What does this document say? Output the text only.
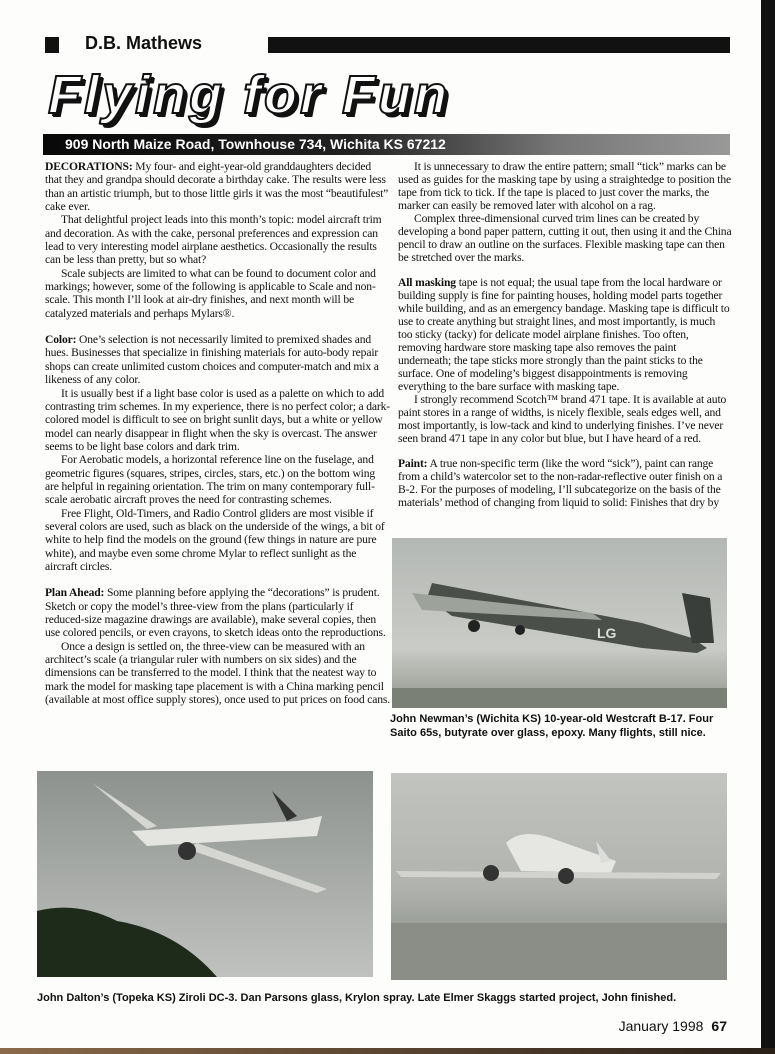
D.B. Mathews
Flying for Fun
909 North Maize Road, Townhouse 734, Wichita KS 67212

DECORATIONS: My four- and eight-year-old granddaughters decided that they and grandpa should decorate a birthday cake. The results were less than an artistic triumph, but to those little girls it was the most “beautifulest” cake ever.

That delightful project leads into this month’s topic: model aircraft trim and decoration. As with the cake, personal preferences and expression can lead to very interesting model airplane aesthetics. Occasionally the results can be less than pretty, but so what?

Scale subjects are limited to what can be found to document color and markings; however, some of the following is applicable to Scale and non-scale. This month I’ll look at air-dry finishes, and next month will be catalyzed materials and perhaps Mylars®.

Color: One’s selection is not necessarily limited to premixed shades and hues. Businesses that specialize in finishing materials for auto-body repair shops can create unlimited custom choices and computer-match and mix a likeness of any color.

It is usually best if a light base color is used as a palette on which to add contrasting trim schemes. In my experience, there is no perfect color; a dark-colored model is difficult to see on bright sunlit days, but a white or yellow model can nearly disappear in flight when the sky is overcast. The answer seems to be light base colors and dark trim.

For Aerobatic models, a horizontal reference line on the fuselage, and geometric figures (squares, stripes, circles, stars, etc.) on the bottom wing are helpful in regaining orientation. The trim on many contemporary full-scale aerobatic aircraft proves the need for contrasting schemes.

Free Flight, Old-Timers, and Radio Control gliders are most visible if several colors are used, such as black on the underside of the wings, a bit of white to help find the models on the ground (few things in nature are pure white), and maybe even some chrome Mylar to reflect sunlight as the aircraft circles.

Plan Ahead: Some planning before applying the “decorations” is prudent. Sketch or copy the model’s three-view from the plans (particularly if reduced-size magazine drawings are available), make several copies, then use colored pencils, or even crayons, to sketch ideas onto the reproductions.

Once a design is settled on, the three-view can be measured with an architect’s scale (a triangular ruler with numbers on six sides) and the dimensions can be transferred to the model. I think that the neatest way to mark the model for masking tape placement is with a China marking pencil (available at most office supply stores), once used to put prices on food cans.

It is unnecessary to draw the entire pattern; small “tick” marks can be used as guides for the masking tape by using a straightedge to position the tape from tick to tick. If the tape is placed to just cover the marks, the marker can easily be removed later with alcohol on a rag.

Complex three-dimensional curved trim lines can be created by developing a bond paper pattern, cutting it out, then using it and the China pencil to draw an outline on the surfaces. Flexible masking tape can then be stretched over the marks.

All masking tape is not equal; the usual tape from the local hardware or building supply is fine for painting houses, holding model parts together while building, and as an emergency bandage. Masking tape is difficult to use to create anything but straight lines, and most importantly, is much too sticky (tacky) for delicate model airplane finishes. Too often, removing hardware store masking tape also removes the paint underneath; the tape sticks more strongly than the paint sticks to the surface. One of modeling’s biggest disappointments is removing everything to the bare surface with masking tape.

I strongly recommend Scotch™ brand 471 tape. It is available at auto paint stores in a range of widths, is nicely flexible, seals edges well, and most importantly, is low-tack and kind to underlying finishes. I’ve never seen brand 471 tape in any color but blue, but I have heard of a red.

Paint: A true non-specific term (like the word “sick”), paint can range from a child’s watercolor set to the non-radar-reflective outer finish on a B-2. For the purposes of modeling, I’ll subcategorize on the basis of the materials’ method of changing from liquid to solid: Finishes that dry by

LG
John Newman’s (Wichita KS) 10-year-old Westcraft B-17. Four Saito 65s, butyrate over glass, epoxy. Many flights, still nice.
John Dalton’s (Topeka KS) Ziroli DC-3. Dan Parsons glass, Krylon spray. Late Elmer Skaggs started project, John finished.
January 1998 67
